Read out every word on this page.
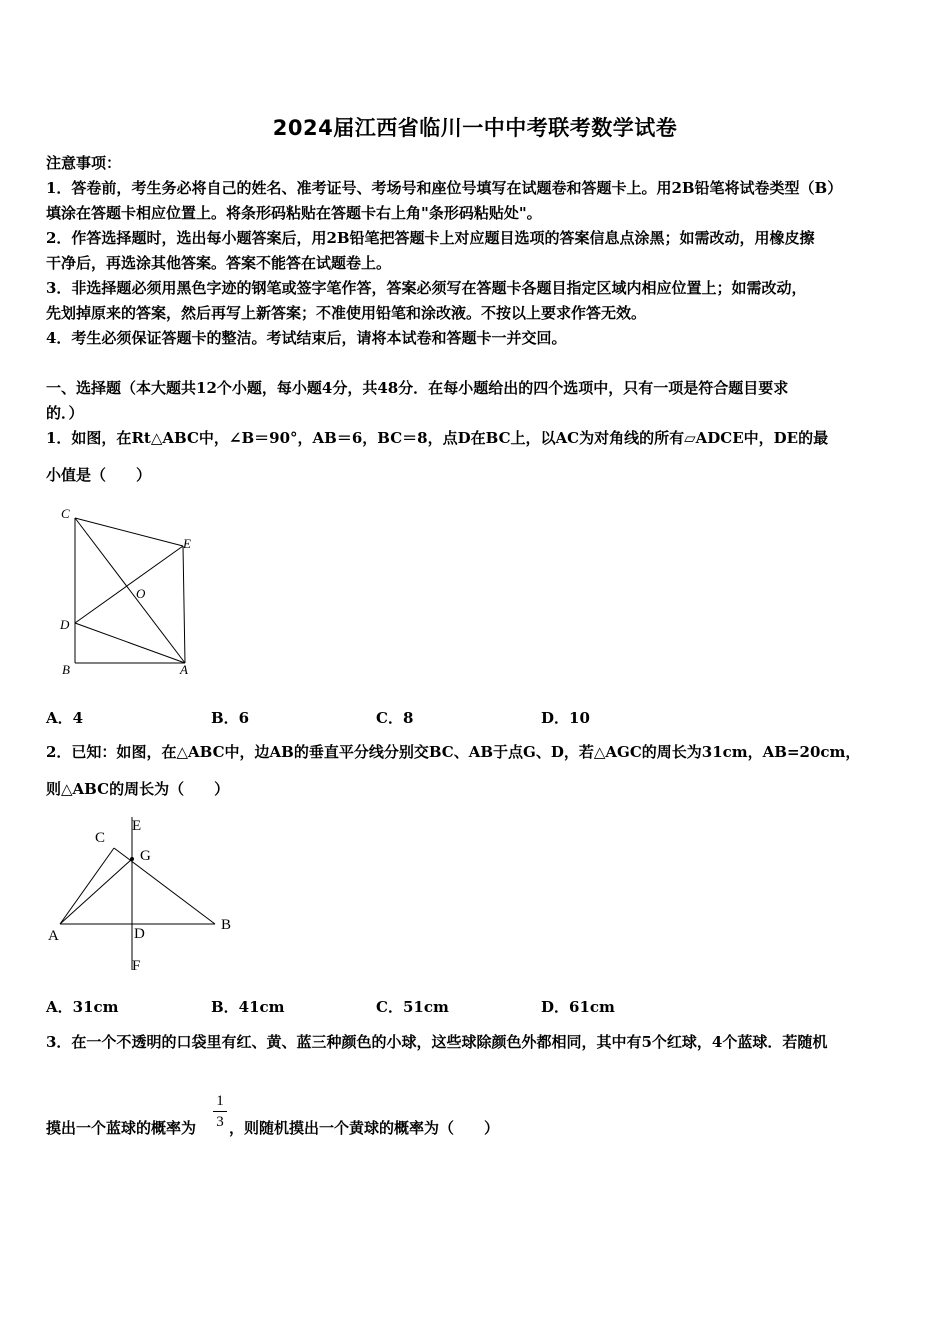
2024届江西省临川一中中考联考数学试卷
注意事项：
1．答卷前，考生务必将自己的姓名、准考证号、考场号和座位号填写在试题卷和答题卡上。用2B铅笔将试卷类型（B）
填涂在答题卡相应位置上。将条形码粘贴在答题卡右上角"条形码粘贴处"。
2．作答选择题时，选出每小题答案后，用2B铅笔把答题卡上对应题目选项的答案信息点涂黑；如需改动，用橡皮擦
干净后，再选涂其他答案。答案不能答在试题卷上。
3．非选择题必须用黑色字迹的钢笔或签字笔作答，答案必须写在答题卡各题目指定区域内相应位置上；如需改动，
先划掉原来的答案，然后再写上新答案；不准使用铅笔和涂改液。不按以上要求作答无效。
4．考生必须保证答题卡的整洁。考试结束后，请将本试卷和答题卡一并交回。
一、选择题（本大题共12个小题，每小题4分，共48分．在每小题给出的四个选项中，只有一项是符合题目要求
的．）
1．如图，在Rt△ABC中，∠B＝90°，AB＝6，BC＝8，点D在BC上，以AC为对角线的所有▱ADCE中，DE的最
小值是（　　）
C
E
O
D
B	A
A．4	B．6	C．8	D．10
2．已知：如图，在△ABC中，边AB的垂直平分线分别交BC、AB于点G、D，若△AGC的周长为31cm，AB=20cm，
则△ABC的周长为（　　）
C
E
G
A	D
B
F
A．31cm	B．41cm	C．51cm	D．61cm
3．在一个不透明的口袋里有红、黄、蓝三种颜色的小球，这些球除颜色外都相同，其中有5个红球，4个蓝球．若随机
摸出一个蓝球的概率为
1
3 ，则随机摸出一个黄球的概率为（　　）
